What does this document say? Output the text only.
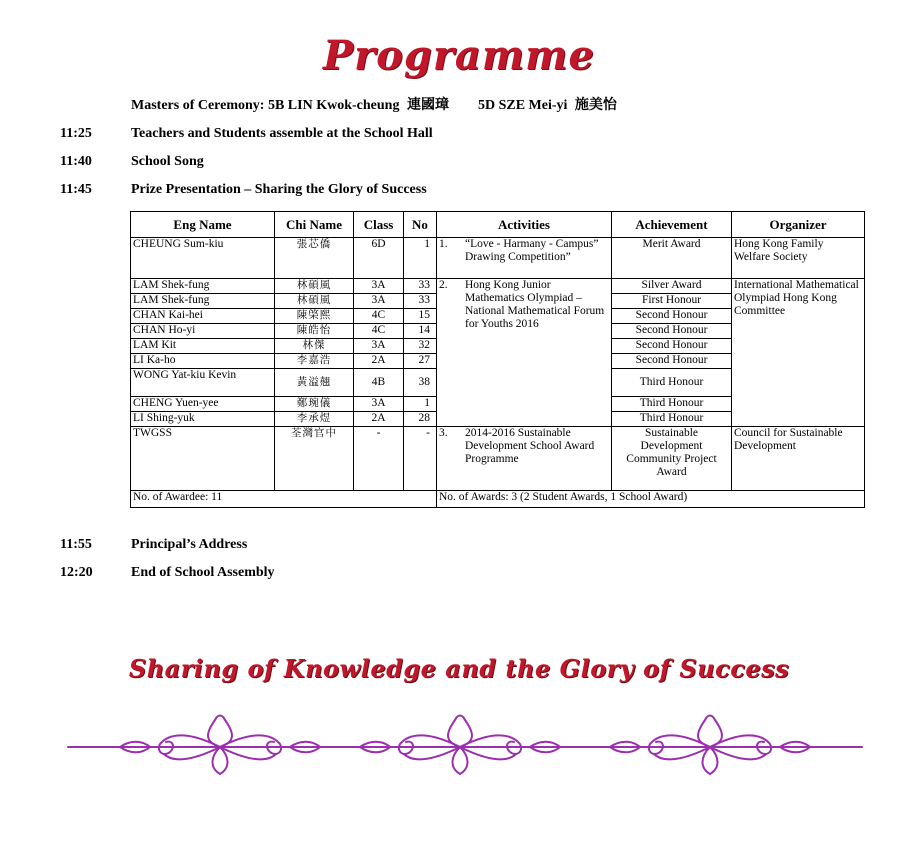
Programme
Masters of Ceremony: 5B LIN Kwok-cheung 連國璋 5D SZE Mei-yi 施美怡
11:25	Teachers and Students assemble at the School Hall
11:40	School Song
11:45	Prize Presentation – Sharing the Glory of Success
Eng Name	Chi Name	Class	No	Activities	Achievement	Organizer
CHEUNG Sum-kiu	張芯僑	6D	1	1. “Love - Harmany - Campus” Drawing Competition”	Merit Award	Hong Kong Family Welfare Society
LAM Shek-fung	林碩風	3A	33	2. Hong Kong Junior Mathematics Olympiad – National Mathematical Forum for Youths 2016	Silver Award	International Mathematical Olympiad Hong Kong Committee
LAM Shek-fung	林碩風	3A	33		First Honour	
CHAN Kai-hei	陳棨熙	4C	15		Second Honour	
CHAN Ho-yi	陳皓怡	4C	14		Second Honour	
LAM Kit	林傑	3A	32		Second Honour	
LI Ka-ho	李嘉浩	2A	27		Second Honour	
WONG Yat-kiu Kevin	黃溢翹	4B	38		Third Honour	
CHENG Yuen-yee	鄭琬儀	3A	1		Third Honour	
LI Shing-yuk	李承煜	2A	28		Third Honour	
TWGSS	荃灣官中	-	-	3. 2014-2016 Sustainable Development School Award Programme	Sustainable Development Community Project Award	Council for Sustainable Development
No. of Awardee: 11				No. of Awards: 3 (2 Student Awards, 1 School Award)		
11:55	Principal’s Address
12:20	End of School Assembly
Sharing of Knowledge and the Glory of Success
